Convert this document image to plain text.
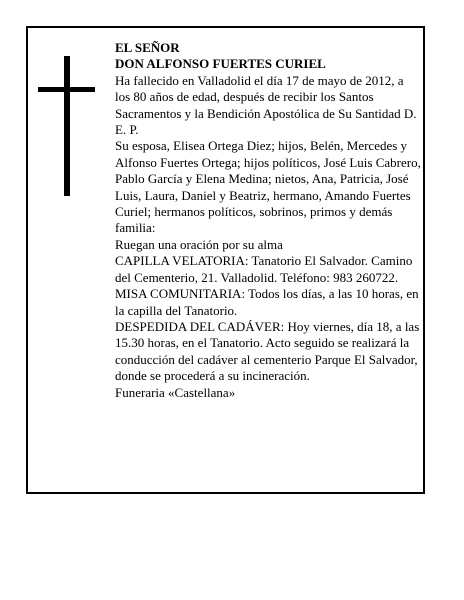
EL SEÑOR

DON ALFONSO FUERTES CURIEL

Ha fallecido en Valladolid el día 17 de mayo de 2012, a los 80 años de edad, después de recibir los Santos Sacramentos y la Bendición Apostólica de Su Santidad D. E. P.

Su esposa, Elisea Ortega Diez; hijos, Belén, Mercedes y Alfonso Fuertes Ortega; hijos políticos, José Luis Cabrero, Pablo García y Elena Medina; nietos, Ana, Patricia, José Luis, Laura, Daniel y Beatriz, hermano, Amando Fuertes Curiel; hermanos políticos, sobrinos, primos y demás familia:

Ruegan una oración por su alma

CAPILLA VELATORIA: Tanatorio El Salvador. Camino del Cementerio, 21. Valladolid. Teléfono: 983 260722.

MISA COMUNITARIA: Todos los días, a las 10 horas, en la capilla del Tanatorio.

DESPEDIDA DEL CADÁVER: Hoy viernes, día 18, a las 15.30 horas, en el Tanatorio. Acto seguido se realizará la conducción del cadáver al cementerio Parque El Salvador, donde se procederá a su incineración.

Funeraria «Castellana»
